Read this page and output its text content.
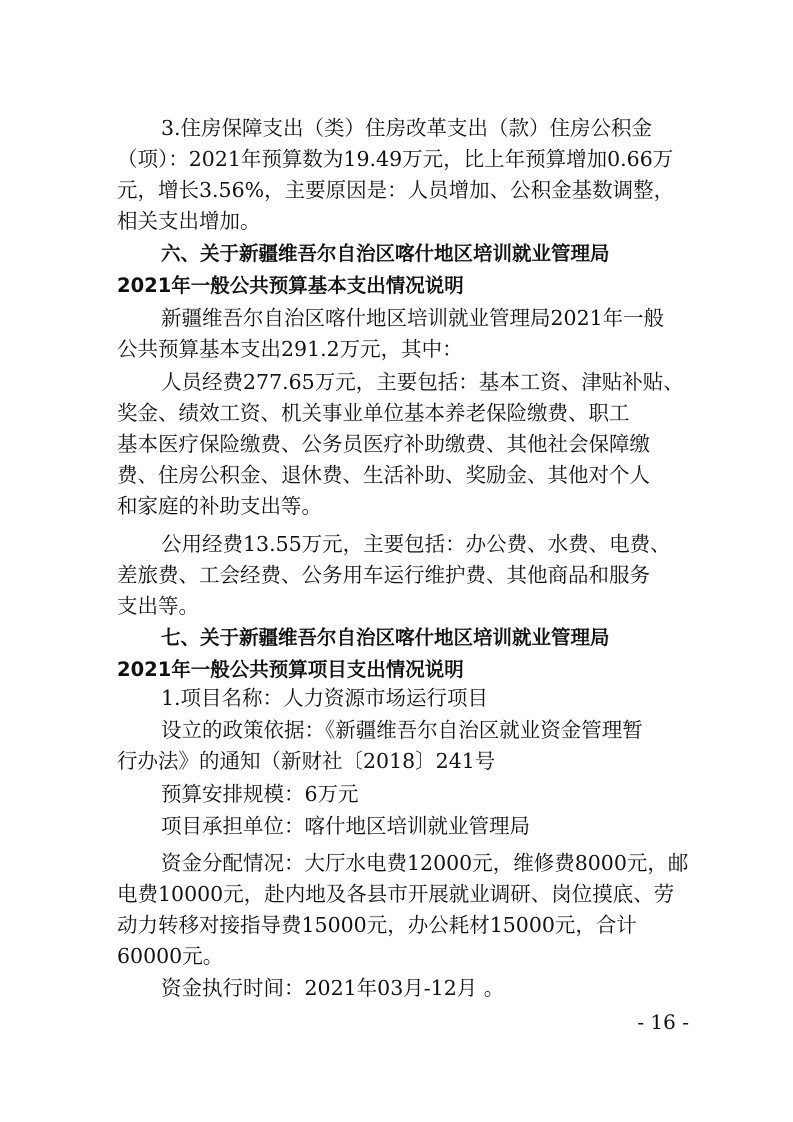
3.住房保障支出（类）住房改革支出（款）住房公积金
（项）：2021年预算数为19.49万元，比上年预算增加0.66万
元，增长3.56%，主要原因是：人员增加、公积金基数调整，
相关支出增加。
六、关于新疆维吾尔自治区喀什地区培训就业管理局
2021年一般公共预算基本支出情况说明
新疆维吾尔自治区喀什地区培训就业管理局2021年一般
公共预算基本支出291.2万元，其中：
人员经费277.65万元，主要包括：基本工资、津贴补贴、
奖金、绩效工资、机关事业单位基本养老保险缴费、职工
基本医疗保险缴费、公务员医疗补助缴费、其他社会保障缴
费、住房公积金、退休费、生活补助、奖励金、其他对个人
和家庭的补助支出等。
公用经费13.55万元，主要包括：办公费、水费、电费、
差旅费、工会经费、公务用车运行维护费、其他商品和服务
支出等。
七、关于新疆维吾尔自治区喀什地区培训就业管理局
2021年一般公共预算项目支出情况说明
1.项目名称：人力资源市场运行项目
设立的政策依据：《新疆维吾尔自治区就业资金管理暂
行办法》的通知（新财社〔2018〕241号
预算安排规模：6万元
项目承担单位：喀什地区培训就业管理局
资金分配情况：大厅水电费12000元，维修费8000元，邮
电费10000元，赴内地及各县市开展就业调研、岗位摸底、劳
动力转移对接指导费15000元，办公耗材15000元，合计
60000元。
资金执行时间：2021年03月-12月 。
- 16 -
